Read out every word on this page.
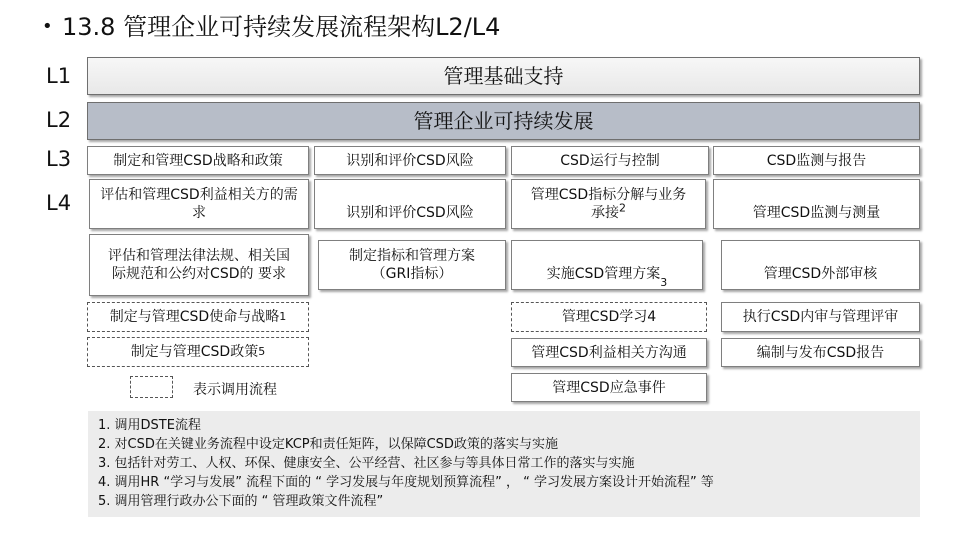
• 13.8 管理企业可持续发展流程架构L2/L4
L1
L2
L3
L4
管理基础支持
管理企业可持续发展
制定和管理CSD战略和政策	识别和评价CSD风险	CSD运行与控制	CSD监测与报告
评估和管理CSD利益相关方的需求
评估和管理法律法规、相关国际规范和公约对CSD的 要求
制定与管理CSD使命与战略 1
制定与管理CSD政策 5
识别和评价CSD风险
制定指标和管理方案
（GRI指标）
管理CSD指标分解与业务承接$^2$
实施CSD管理方案
3
管理CSD学习4
管理CSD利益相关方沟通
管理CSD应急事件
管理CSD监测与测量
管理CSD外部审核
执行CSD内审与管理评审
编制与发布CSD报告
表示调用流程
1. 调用DSTE流程
2. 对CSD在关键业务流程中设定KCP和责任矩阵，以保障CSD政策的落实与实施
3. 包括针对劳工、人权、环保、健康安全、公平经营、社区参与等具体日常工作的落实与实施
4. 调用HR “学习与发展” 流程下面的 “ 学习发展与年度规划预算流程” ， “ 学习发展方案设计开始流程” 等
5. 调用管理行政办公下面的 “ 管理政策文件流程”
